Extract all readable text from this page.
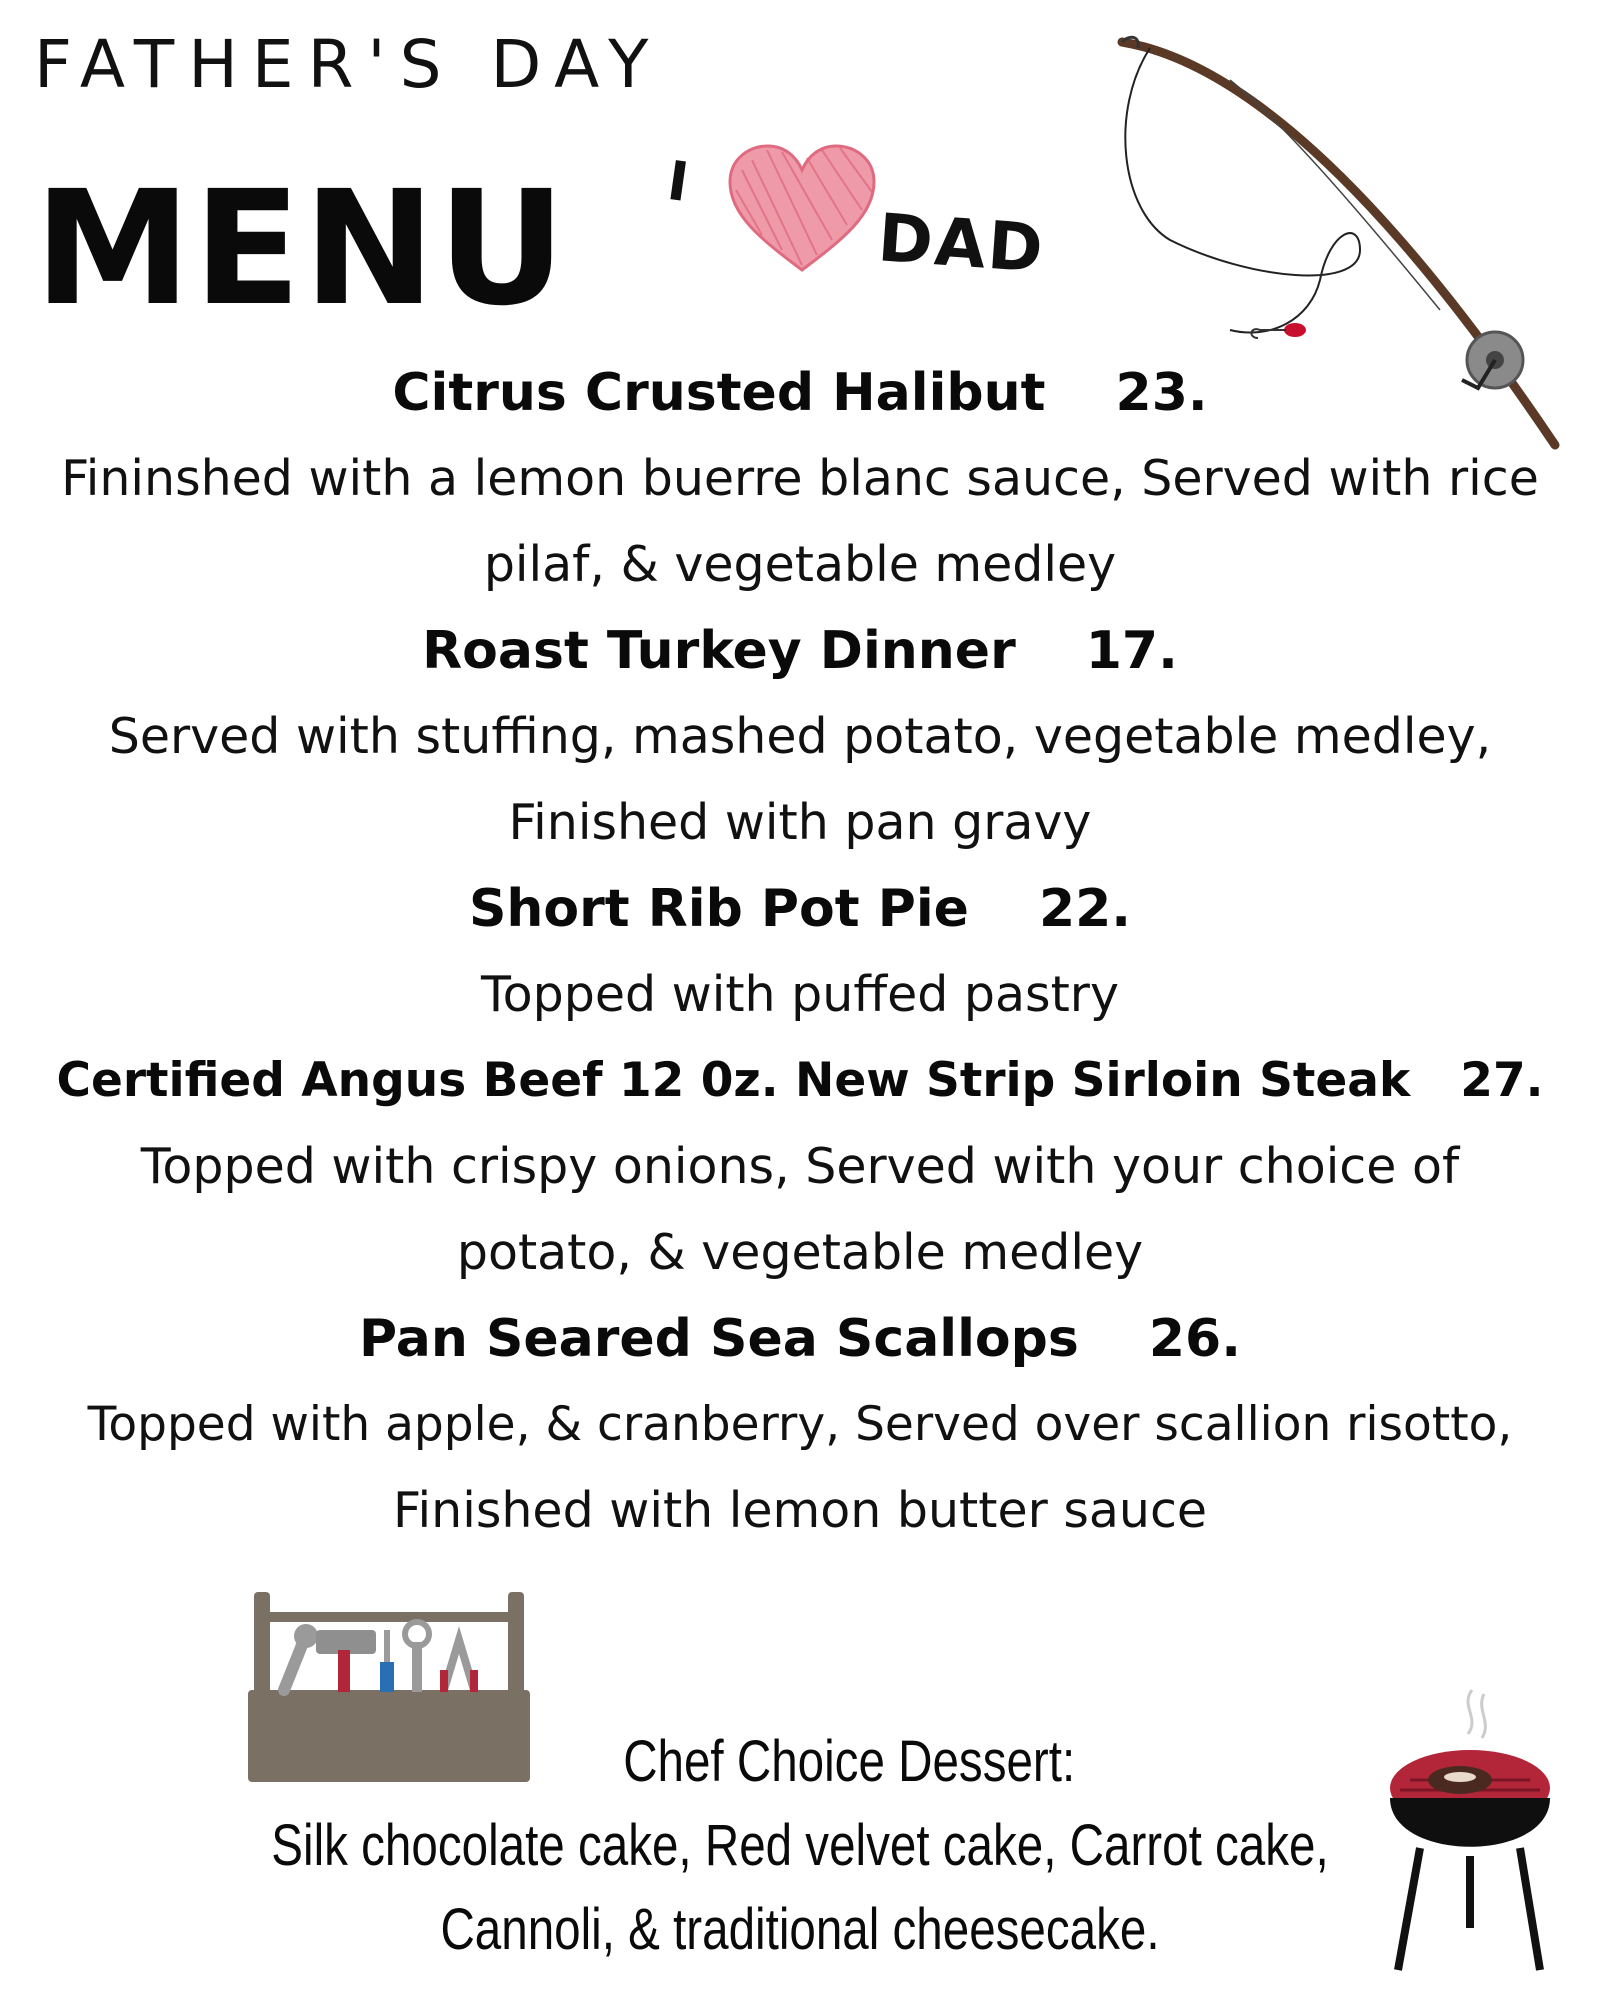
FATHER'S DAY
MENU I
DAD
Citrus Crusted Halibut 23.
Fininshed with a lemon buerre blanc sauce, Served with rice
pilaf, & vegetable medley
Roast Turkey Dinner 17.
Served with stuffing, mashed potato, vegetable medley,
Finished with pan gravy
Short Rib Pot Pie 22.
Topped with puffed pastry
Certified Angus Beef 12 0z. New Strip Sirloin Steak 27.
Topped with crispy onions, Served with your choice of
potato, & vegetable medley
Pan Seared Sea Scallops 26.
Topped with apple, & cranberry, Served over scallion risotto,
Finished with lemon butter sauce
Chef Choice Dessert:
Silk chocolate cake, Red velvet cake, Carrot cake,
Cannoli, & traditional cheesecake.
